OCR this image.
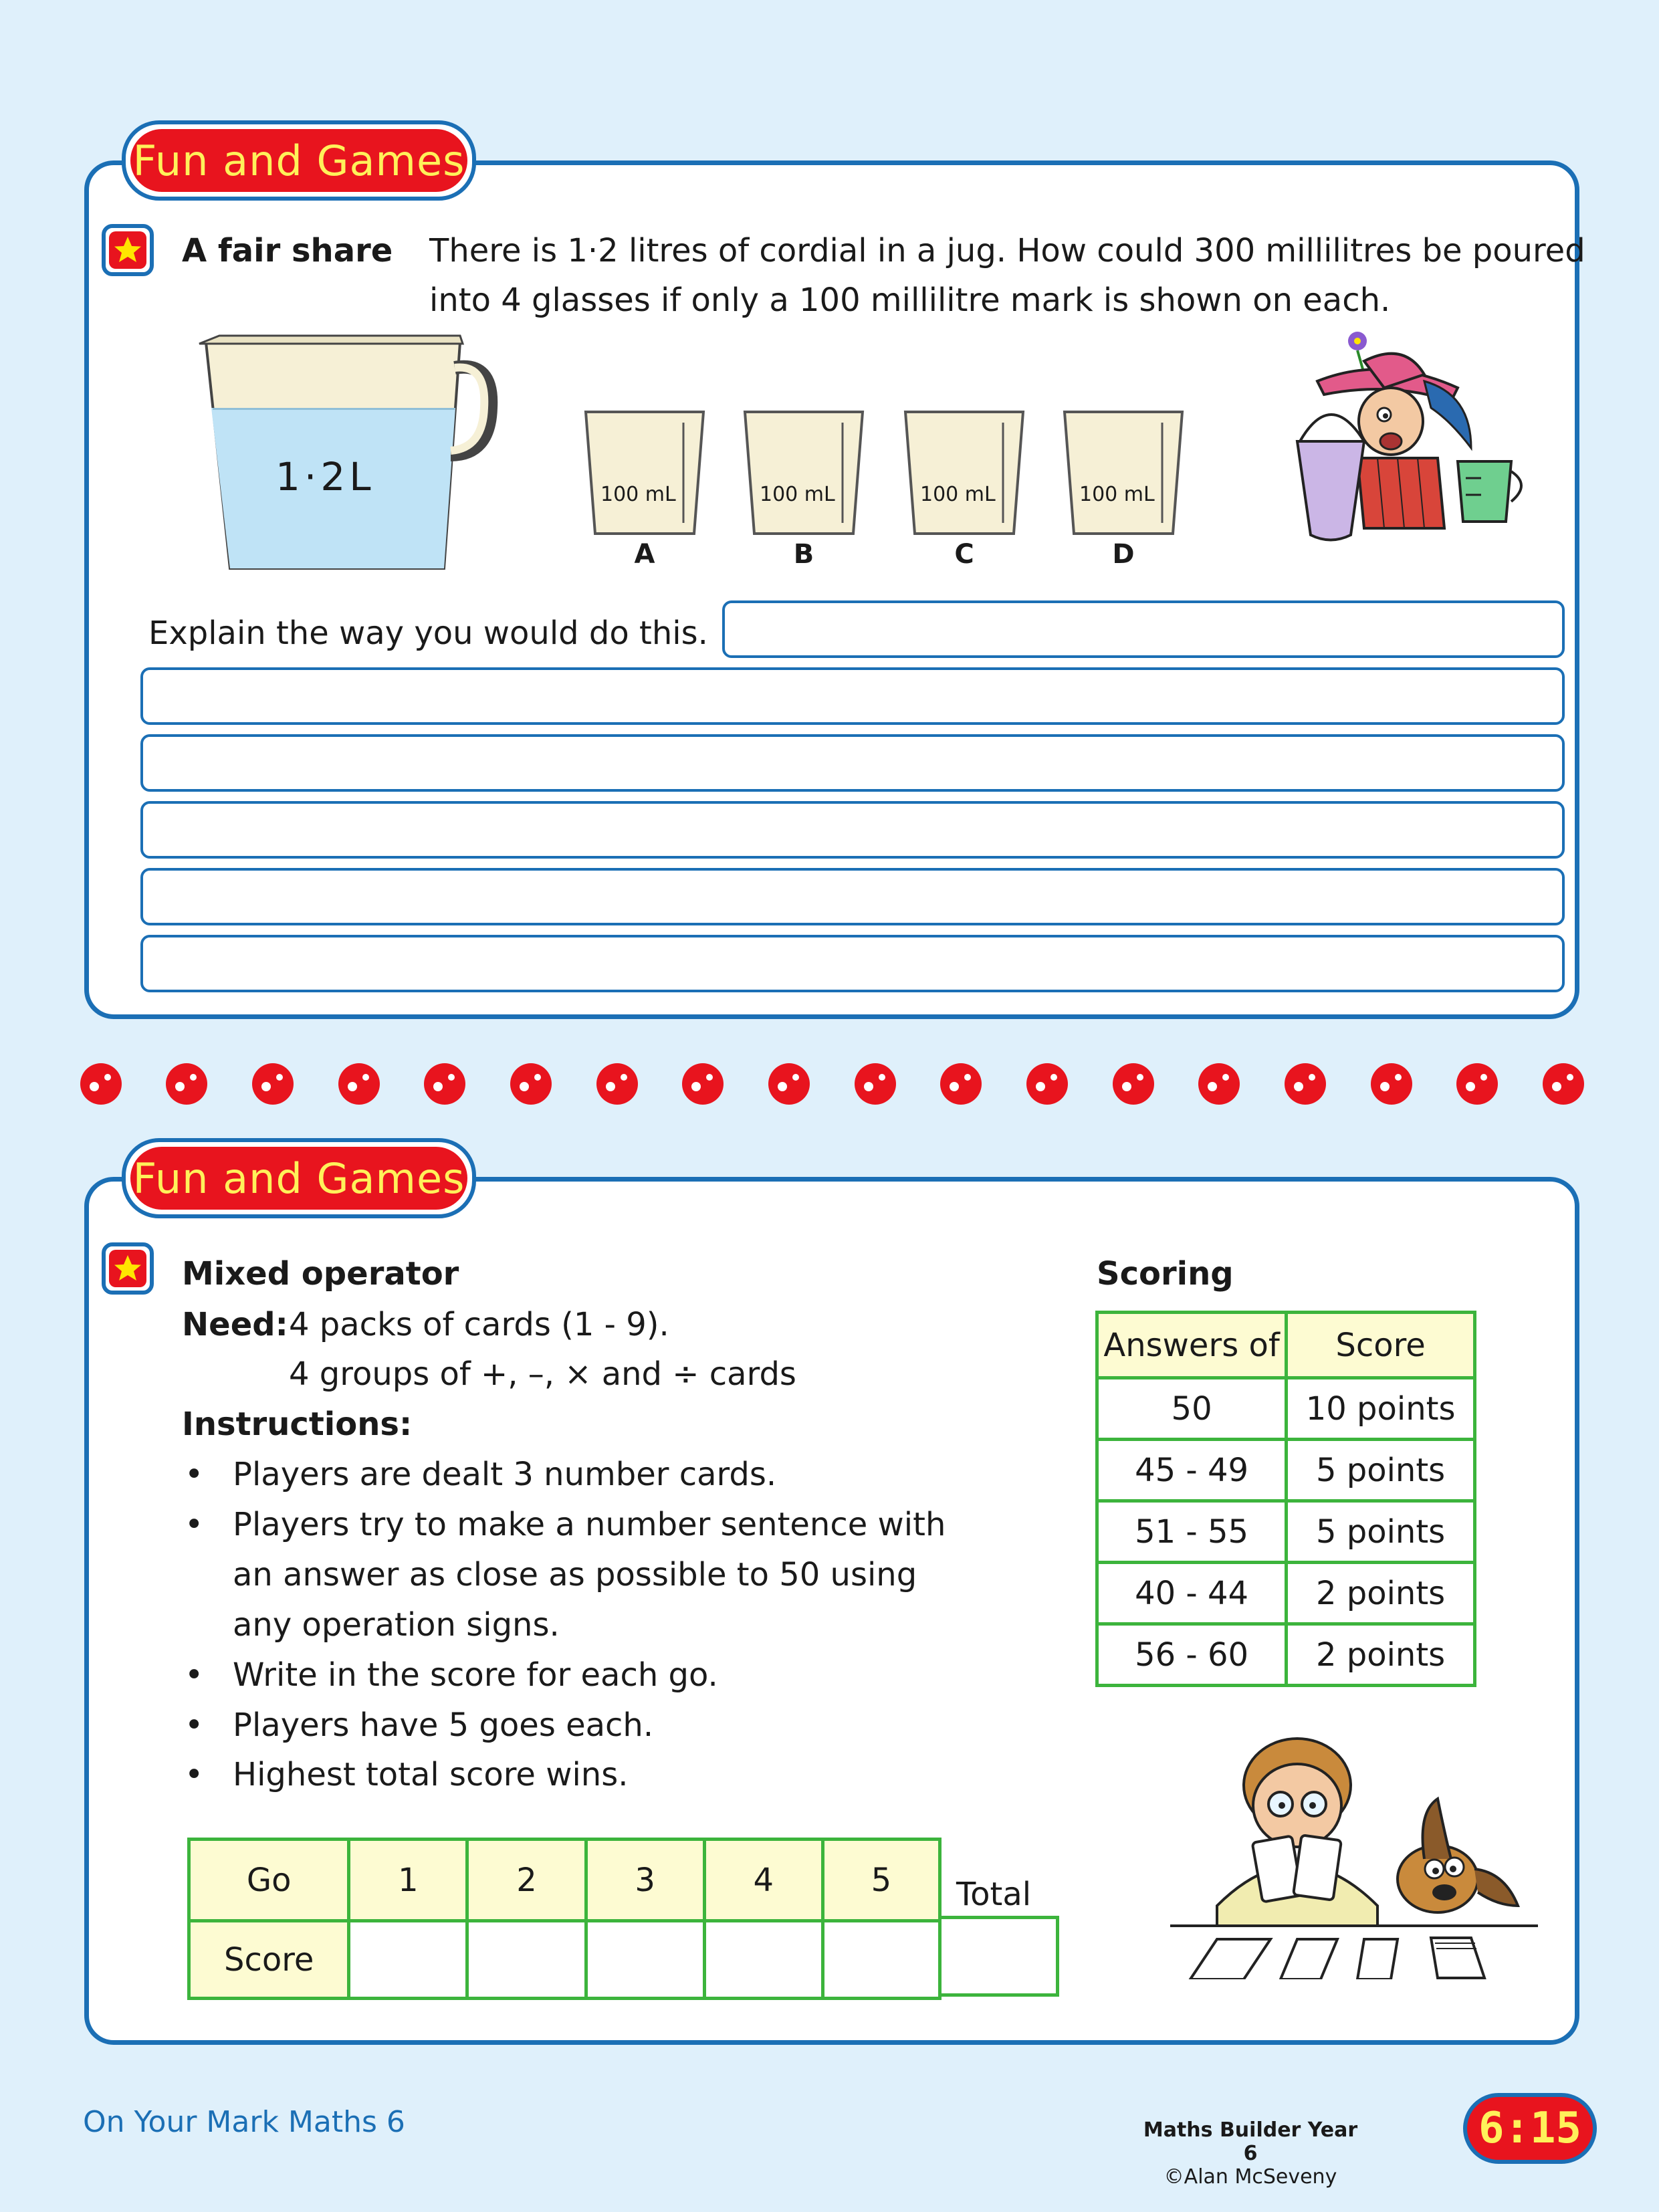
Fun and Games
A fair share There is 1·2 litres of cordial in a jug. How could 300 millilitres be poured
into 4 glasses if only a 100 millilitre mark is shown on each.
1·2L	100 mL
A
100 mL
B
100 mL
C
100 mL
D
Explain the way you would do this.
Fun and Games
Mixed operator
Need: 4 packs of cards (1 - 9).
4 groups of +, –, × and ÷ cards
Instructions:
• Players are dealt 3 number cards.
• Players try to make a number sentence with
an answer as close as possible to 50 using
any operation signs.
• Write in the score for each go.
• Players have 5 goes each.
• Highest total score wins.
Scoring
Answers of	Score
50	10 points
45 - 49	5 points
51 - 55	5 points
40 - 44	2 points
56 - 60	2 points
Go	1	2	3	4	5
Score					
Total
On Your Mark Maths 6	Maths Builder Year 6
©Alan McSeveny
6:15
